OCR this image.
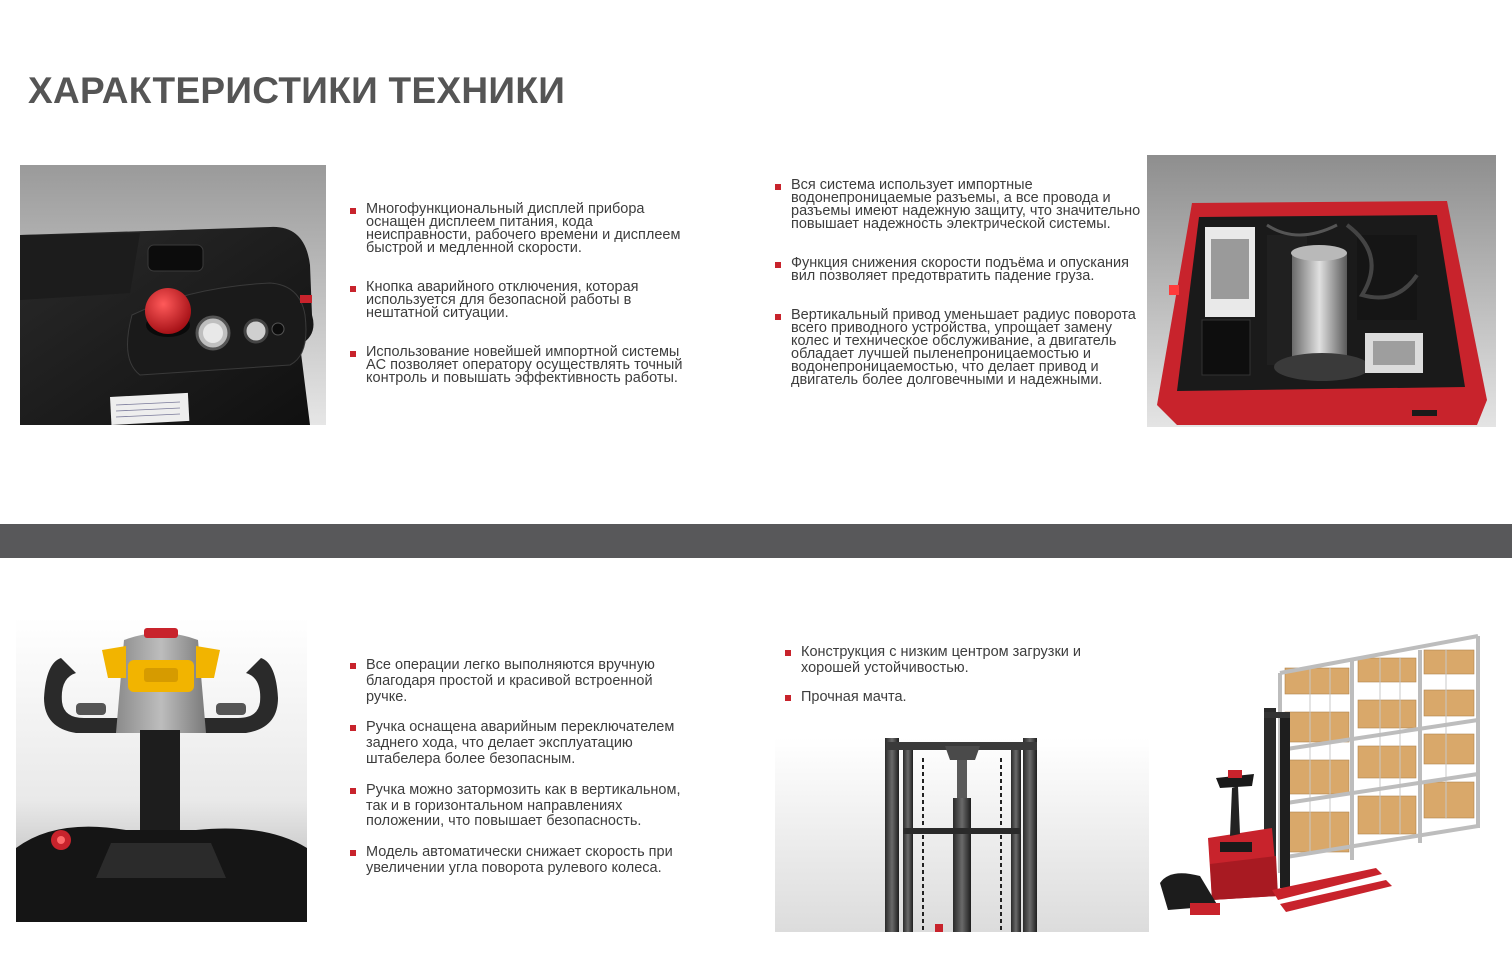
ХАРАКТЕРИСТИКИ ТЕХНИКИ
Многофункциональный дисплей прибора оснащен дисплеем питания, кода неисправности, рабочего времени и дисплеем быстрой и медленной скорости.
Кнопка аварийного отключения, которая используется для безопасной работы в нештатной ситуации.
Использование новейшей импортной системы AC позволяет оператору осуществлять точный контроль и повышать эффективность работы.
Вся система использует импортные водонепроницаемые разъемы, а все провода и разъемы имеют надежную защиту, что значительно повышает надежность электрической системы.
Функция снижения скорости подъёма и опускания вил позволяет предотвратить падение груза.
Вертикальный привод уменьшает радиус поворота всего приводного устройства, упрощает замену колес и техническое обслуживание, а двигатель обладает лучшей пыленепроницаемостью и водонепроницаемостью, что делает привод и двигатель более долговечными и надежными.
Все операции легко выполняются вручную благодаря простой и красивой встроенной ручке.
Ручка оснащена аварийным переключателем заднего хода, что делает эксплуатацию штабелера более безопасным.
Ручка можно затормозить как в вертикальном, так и в горизонтальном направлениях положении, что повышает безопасность.
Модель автоматически снижает скорость при увеличении угла поворота рулевого колеса.
Конструкция с низким центром загрузки и хорошей устойчивостью.
Прочная мачта.
